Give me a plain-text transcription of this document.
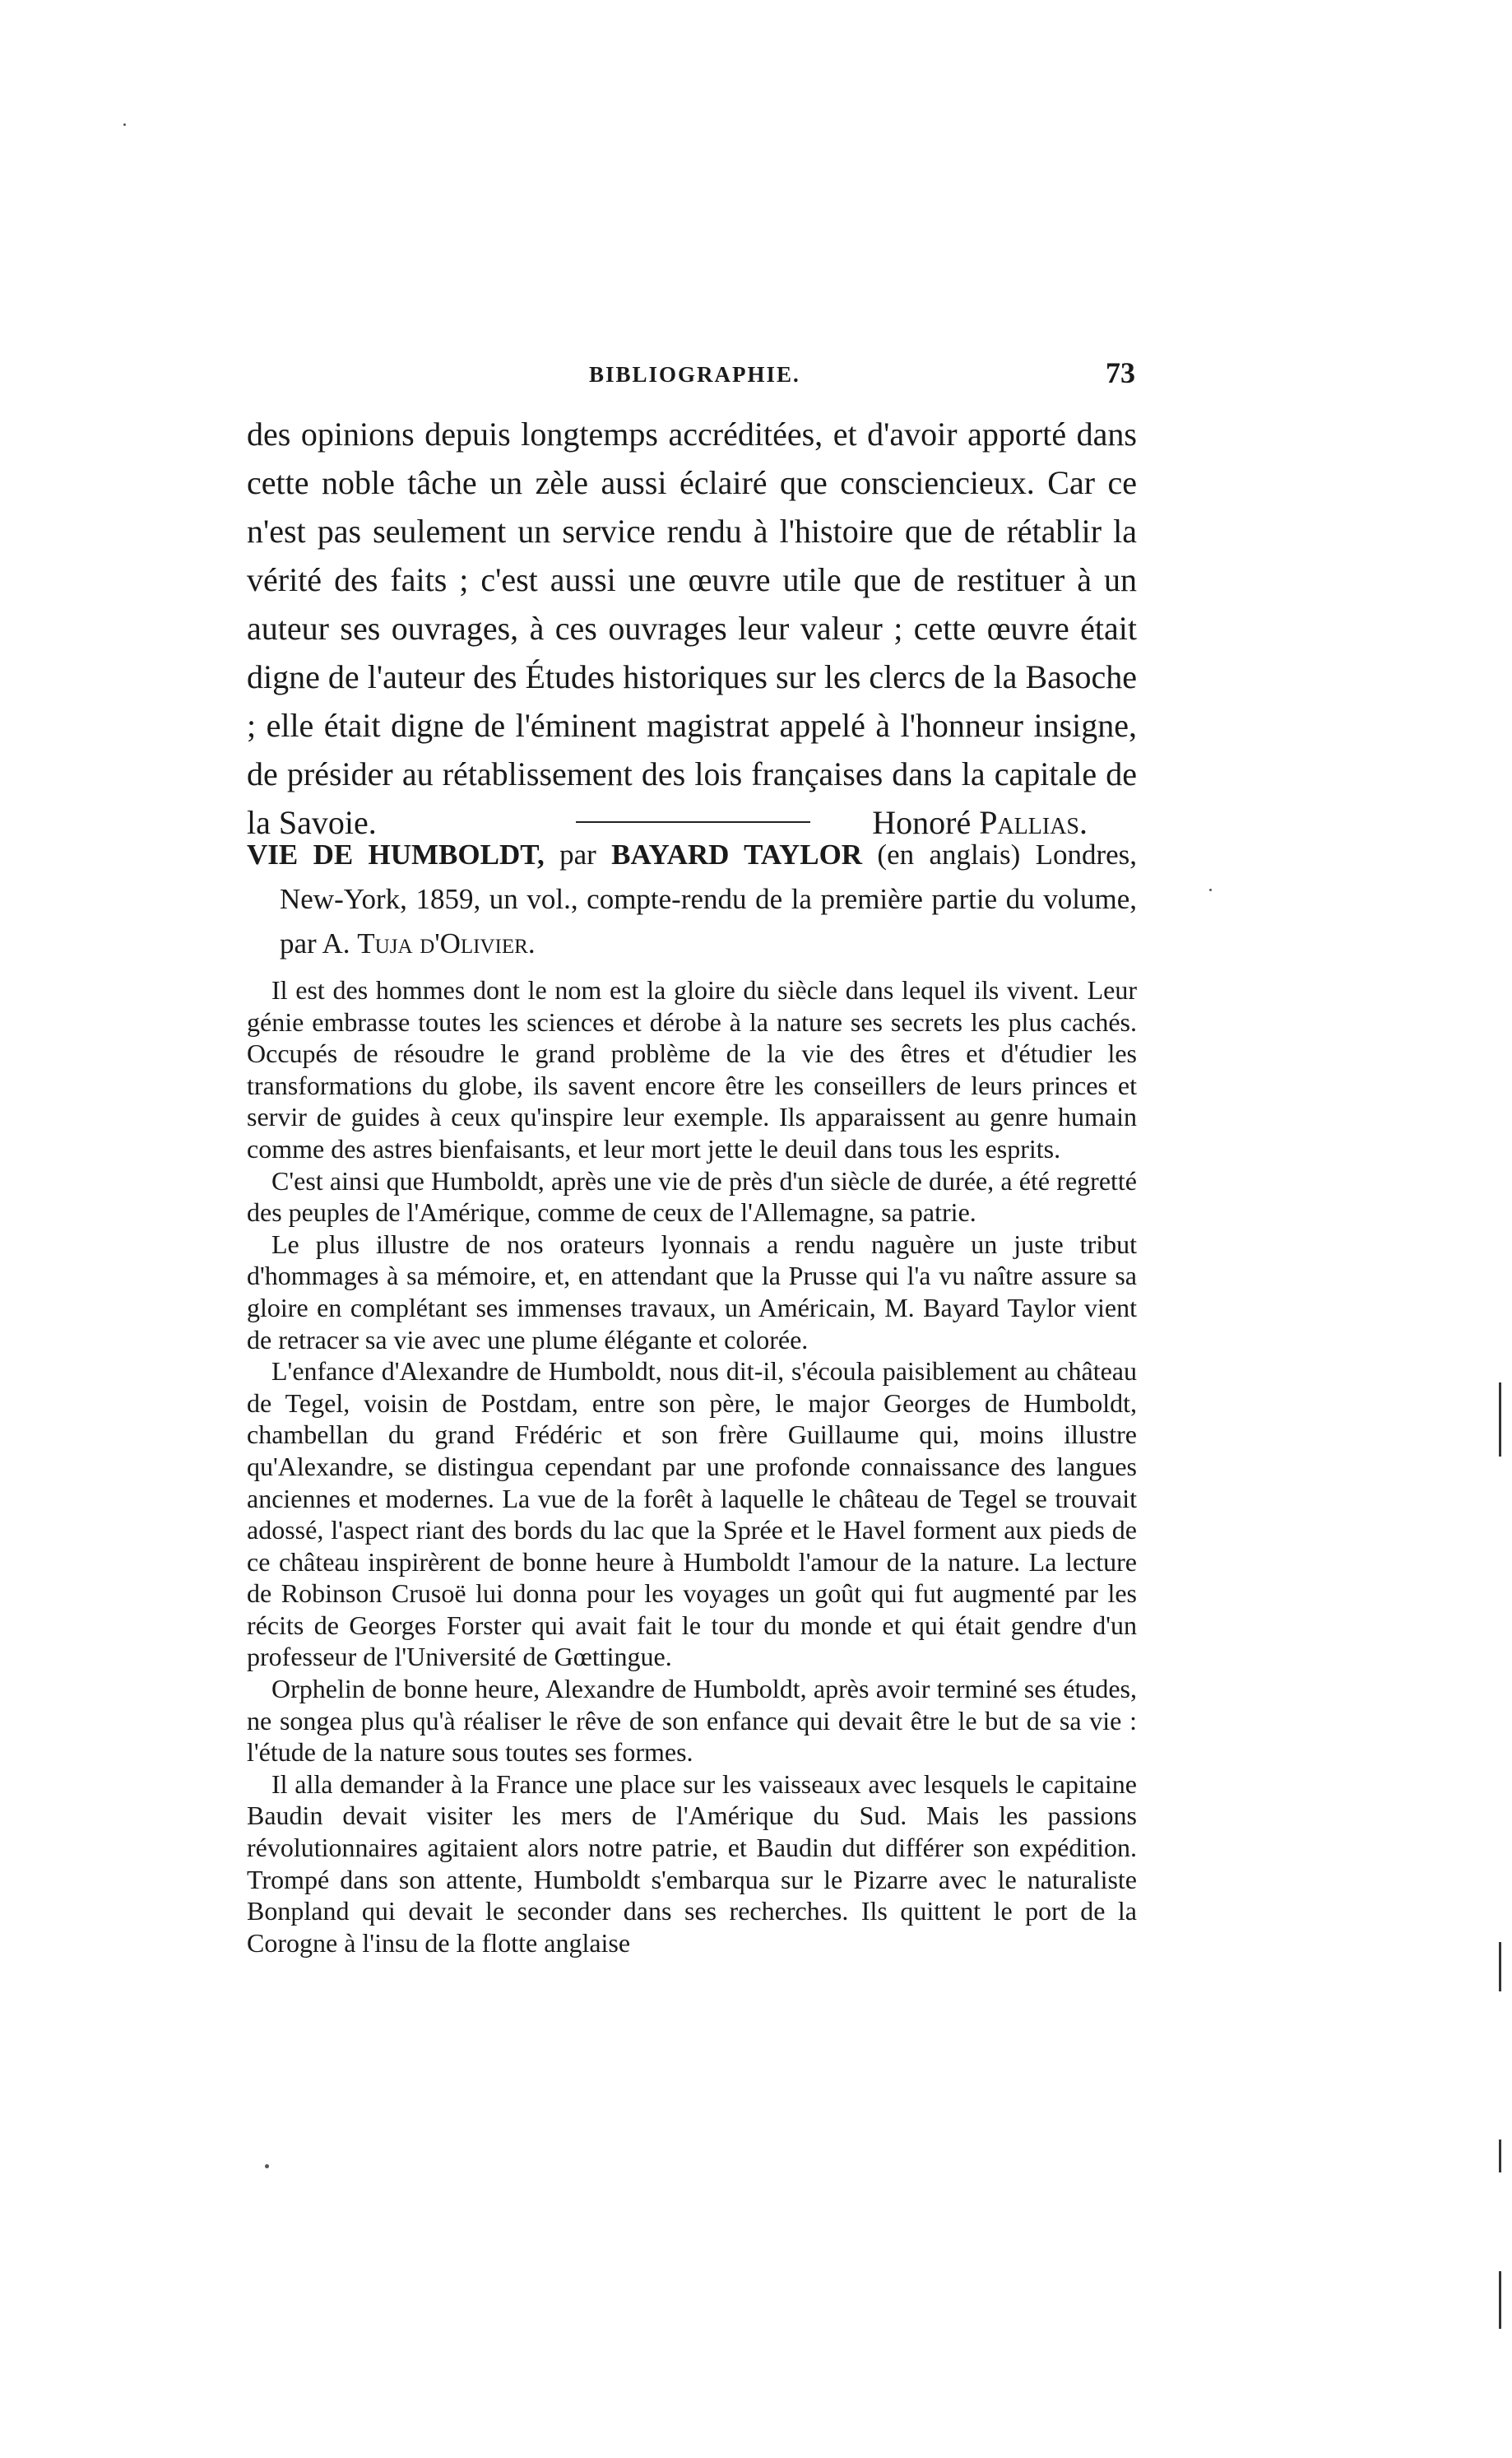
BIBLIOGRAPHIE.	73

des opinions depuis longtemps accréditées, et d'avoir apporté dans cette noble tâche un zèle aussi éclairé que consciencieux. Car ce n'est pas seulement un service rendu à l'histoire que de rétablir la vérité des faits ; c'est aussi une œuvre utile que de restituer à un auteur ses ouvrages, à ces ouvrages leur valeur ; cette œuvre était digne de l'auteur des Études historiques sur les clercs de la Basoche ; elle était digne de l'éminent magistrat appelé à l'honneur insigne, de présider au rétablissement des lois françaises dans la capitale de la Savoie.	Honoré Pallias.

VIE DE HUMBOLDT, par BAYARD TAYLOR (en anglais) Londres, New-York, 1859, un vol., compte-rendu de la première partie du volume, par A. Tuja d'Olivier.

Il est des hommes dont le nom est la gloire du siècle dans lequel ils vivent. Leur génie embrasse toutes les sciences et dérobe à la nature ses secrets les plus cachés. Occupés de résoudre le grand problème de la vie des êtres et d'étudier les transformations du globe, ils savent encore être les conseillers de leurs princes et servir de guides à ceux qu'inspire leur exemple. Ils apparaissent au genre humain comme des astres bienfaisants, et leur mort jette le deuil dans tous les esprits.

C'est ainsi que Humboldt, après une vie de près d'un siècle de durée, a été regretté des peuples de l'Amérique, comme de ceux de l'Allemagne, sa patrie.

Le plus illustre de nos orateurs lyonnais a rendu naguère un juste tribut d'hommages à sa mémoire, et, en attendant que la Prusse qui l'a vu naître assure sa gloire en complétant ses immenses travaux, un Américain, M. Bayard Taylor vient de retracer sa vie avec une plume élégante et colorée.

L'enfance d'Alexandre de Humboldt, nous dit-il, s'écoula paisiblement au château de Tegel, voisin de Postdam, entre son père, le major Georges de Humboldt, chambellan du grand Frédéric et son frère Guillaume qui, moins illustre qu'Alexandre, se distingua cependant par une profonde connaissance des langues anciennes et modernes. La vue de la forêt à laquelle le château de Tegel se trouvait adossé, l'aspect riant des bords du lac que la Sprée et le Havel forment aux pieds de ce château inspirèrent de bonne heure à Humboldt l'amour de la nature. La lecture de Robinson Crusoë lui donna pour les voyages un goût qui fut augmenté par les récits de Georges Forster qui avait fait le tour du monde et qui était gendre d'un professeur de l'Université de Gœttingue.

Orphelin de bonne heure, Alexandre de Humboldt, après avoir terminé ses études, ne songea plus qu'à réaliser le rêve de son enfance qui devait être le but de sa vie : l'étude de la nature sous toutes ses formes.

Il alla demander à la France une place sur les vaisseaux avec lesquels le capitaine Baudin devait visiter les mers de l'Amérique du Sud. Mais les passions révolutionnaires agitaient alors notre patrie, et Baudin dut différer son expédition. Trompé dans son attente, Humboldt s'embarqua sur le Pizarre avec le naturaliste Bonpland qui devait le seconder dans ses recherches. Ils quittent le port de la Corogne à l'insu de la flotte anglaise
